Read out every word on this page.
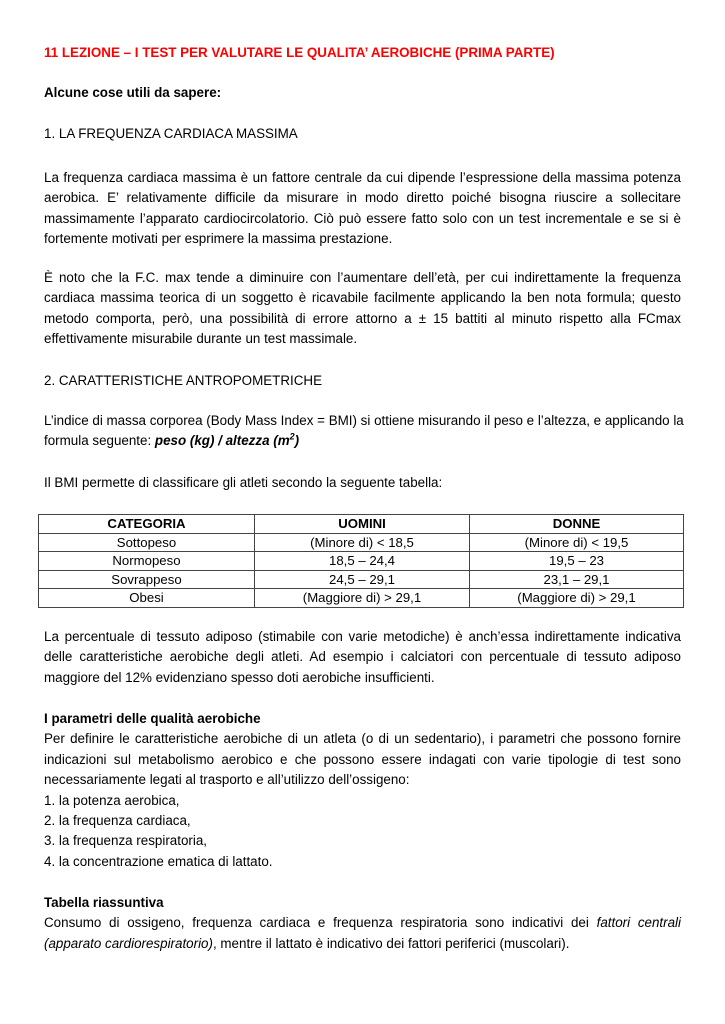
11 LEZIONE – I TEST PER VALUTARE LE QUALITA’ AEROBICHE (PRIMA PARTE)
Alcune cose utili da sapere:
1. LA FREQUENZA CARDIACA MASSIMA
La frequenza cardiaca massima è un fattore centrale da cui dipende l’espressione della massima potenza
aerobica. E’ relativamente difficile da misurare in modo diretto poiché bisogna riuscire a sollecitare
massimamente l’apparato cardiocircolatorio. Ciò può essere fatto solo con un test incrementale e se si è
fortemente motivati per esprimere la massima prestazione.
È noto che la F.C. max tende a diminuire con l’aumentare dell’età, per cui indirettamente la frequenza
cardiaca massima teorica di un soggetto è ricavabile facilmente applicando la ben nota formula; questo
metodo comporta, però, una possibilità di errore attorno a ± 15 battiti al minuto rispetto alla FCmax
effettivamente misurabile durante un test massimale.
2. CARATTERISTICHE ANTROPOMETRICHE
L’indice di massa corporea (Body Mass Index = BMI) si ottiene misurando il peso e l’altezza, e applicando la
formula seguente: peso (kg) / altezza $(m^2)$
Il BMI permette di classificare gli atleti secondo la seguente tabella:
CATEGORIA	UOMINI	DONNE
Sottopeso	(Minore di) < 18,5	(Minore di) < 19,5
Normopeso	18,5 – 24,4	19,5 – 23
Sovrappeso	24,5 – 29,1	23,1 – 29,1
Obesi	(Maggiore di) > 29,1	(Maggiore di) > 29,1
La percentuale di tessuto adiposo (stimabile con varie metodiche) è anch’essa indirettamente indicativa
delle caratteristiche aerobiche degli atleti. Ad esempio i calciatori con percentuale di tessuto adiposo
maggiore del 12% evidenziano spesso doti aerobiche insufficienti.
I parametri delle qualità aerobiche
Per definire le caratteristiche aerobiche di un atleta (o di un sedentario), i parametri che possono fornire
indicazioni sul metabolismo aerobico e che possono essere indagati con varie tipologie di test sono
necessariamente legati al trasporto e all’utilizzo dell’ossigeno:
1. la potenza aerobica,
2. la frequenza cardiaca,
3. la frequenza respiratoria,
4. la concentrazione ematica di lattato.
Tabella riassuntiva
Consumo di ossigeno, frequenza cardiaca e frequenza respiratoria sono indicativi dei fattori centrali
(apparato cardiorespiratorio), mentre il lattato è indicativo dei fattori periferici (muscolari).
